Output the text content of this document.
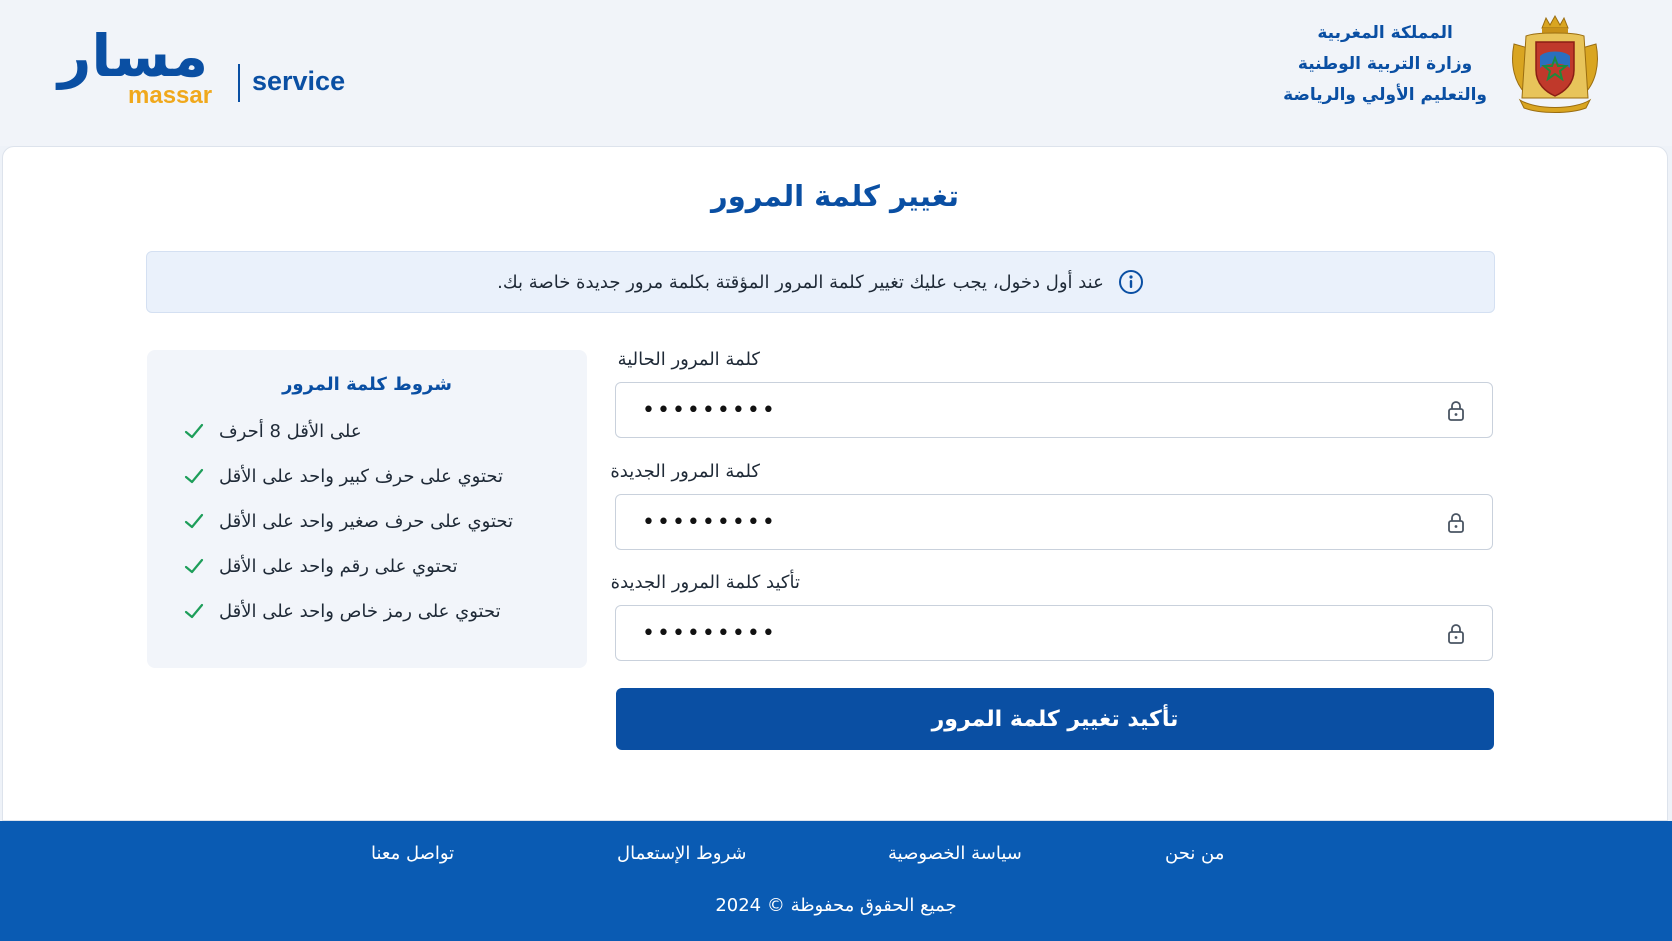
مسار
massar service
المملكة المغربية
وزارة التربية الوطنية
والتعليم الأولي والرياضة
تغيير كلمة المرور
عند أول دخول، يجب عليك تغيير كلمة المرور المؤقتة بكلمة مرور جديدة خاصة بك.
شروط كلمة المرور
على الأقل 8 أحرف
تحتوي على حرف كبير واحد على الأقل
تحتوي على حرف صغير واحد على الأقل
تحتوي على رقم واحد على الأقل
تحتوي على رمز خاص واحد على الأقل
كلمة المرور الحالية
•••••••••
كلمة المرور الجديدة
•••••••••
تأكيد كلمة المرور الجديدة
•••••••••
تأكيد تغيير كلمة المرور
من نحن
سياسة الخصوصية
شروط الإستعمال
تواصل معنا
جميع الحقوق محفوظة © 2024
